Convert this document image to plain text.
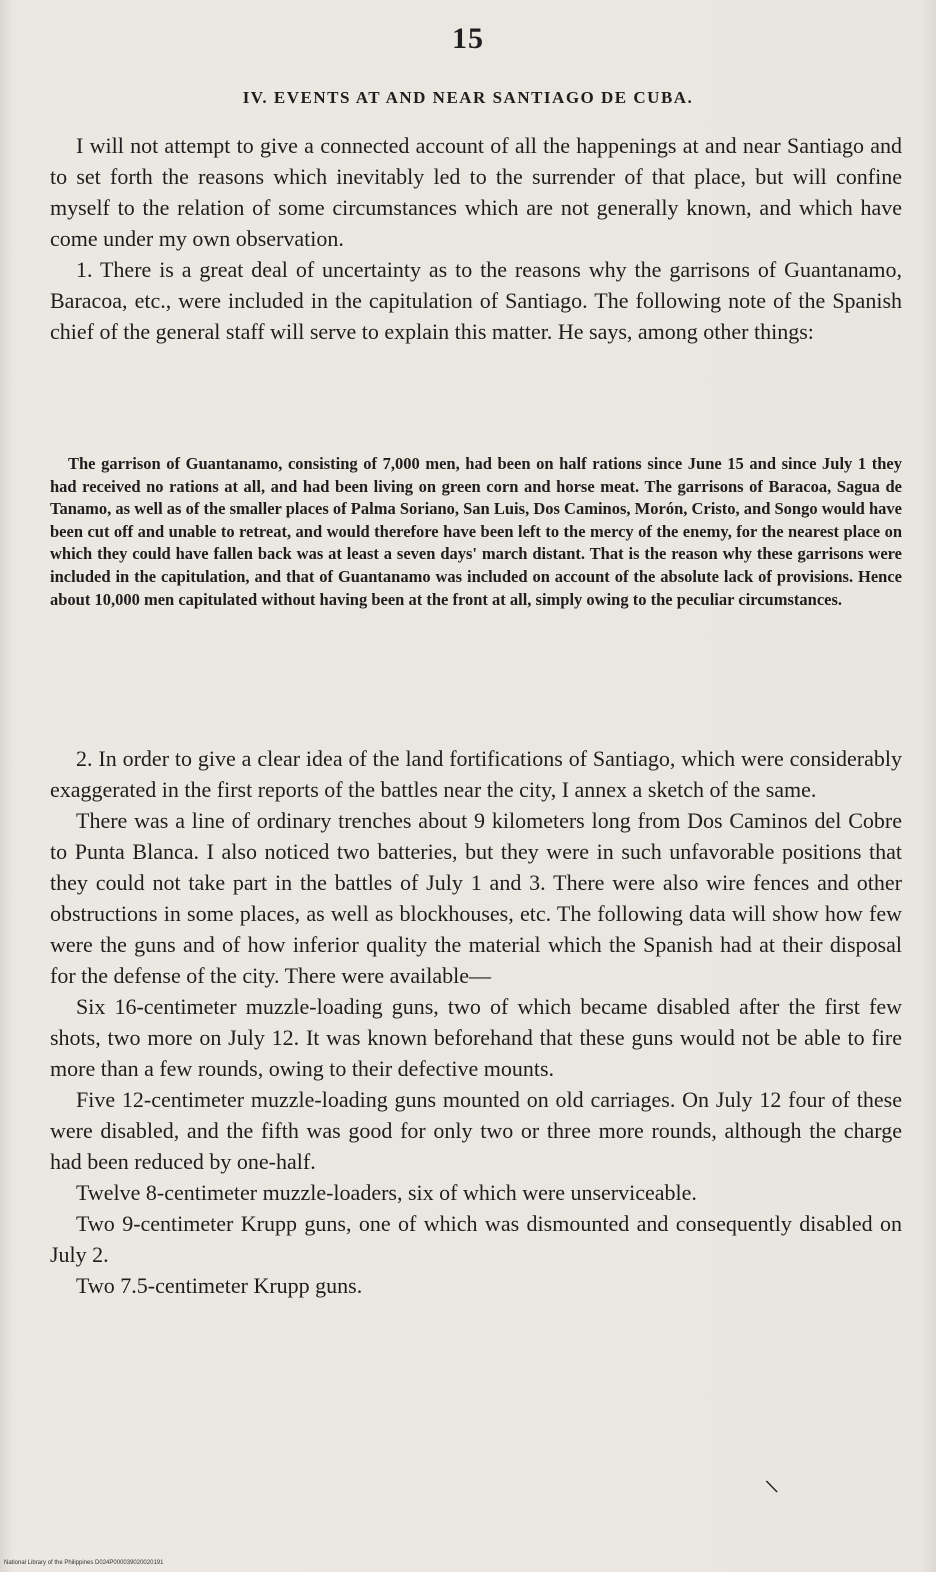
15
IV. EVENTS AT AND NEAR SANTIAGO DE CUBA.

I will not attempt to give a connected account of all the happenings at and near Santiago and to set forth the reasons which inevitably led to the surrender of that place, but will confine myself to the relation of some circumstances which are not generally known, and which have come under my own observation.

1. There is a great deal of uncertainty as to the reasons why the garrisons of Guantanamo, Baracoa, etc., were included in the capitulation of Santiago. The following note of the Spanish chief of the general staff will serve to explain this matter. He says, among other things:

The garrison of Guantanamo, consisting of 7,000 men, had been on half rations since June 15 and since July 1 they had received no rations at all, and had been living on green corn and horse meat. The garrisons of Baracoa, Sagua de Tanamo, as well as of the smaller places of Palma Soriano, San Luis, Dos Caminos, Morón, Cristo, and Songo would have been cut off and unable to retreat, and would therefore have been left to the mercy of the enemy, for the nearest place on which they could have fallen back was at least a seven days' march distant. That is the reason why these garrisons were included in the capitulation, and that of Guantanamo was included on account of the absolute lack of provisions. Hence about 10,000 men capitulated without having been at the front at all, simply owing to the peculiar circumstances.

2. In order to give a clear idea of the land fortifications of Santiago, which were considerably exaggerated in the first reports of the battles near the city, I annex a sketch of the same.

There was a line of ordinary trenches about 9 kilometers long from Dos Caminos del Cobre to Punta Blanca. I also noticed two batteries, but they were in such unfavorable positions that they could not take part in the battles of July 1 and 3. There were also wire fences and other obstructions in some places, as well as blockhouses, etc. The following data will show how few were the guns and of how inferior quality the material which the Spanish had at their disposal for the defense of the city. There were available—

Six 16-centimeter muzzle-loading guns, two of which became disabled after the first few shots, two more on July 12. It was known beforehand that these guns would not be able to fire more than a few rounds, owing to their defective mounts.

Five 12-centimeter muzzle-loading guns mounted on old carriages. On July 12 four of these were disabled, and the fifth was good for only two or three more rounds, although the charge had been reduced by one-half.

Twelve 8-centimeter muzzle-loaders, six of which were unserviceable.

Two 9-centimeter Krupp guns, one of which was dismounted and consequently disabled on July 2.

Two 7.5-centimeter Krupp guns.

\
National Library of the Philippines D024P000039020020191
